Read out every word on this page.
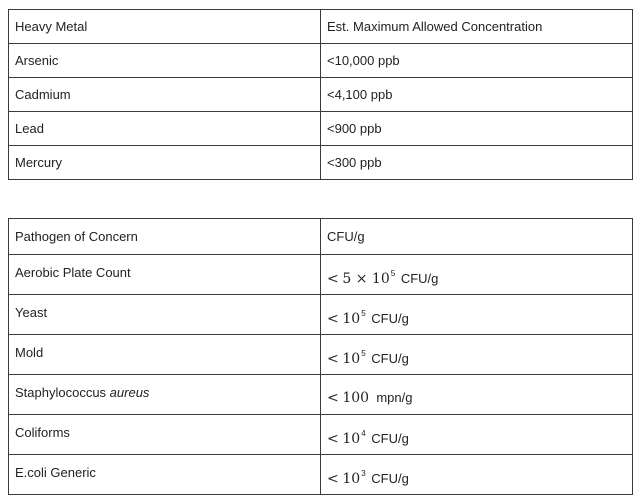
Heavy Metal	Est. Maximum Allowed Concentration
Arsenic	<10,000 ppb
Cadmium	<4,100 ppb
Lead	<900 ppb
Mercury	<300 ppb
Pathogen of Concern	CFU/g
Aerobic Plate Count	< $5 \times 10^5$ CFU/g
Yeast	< $10^5$ CFU/g
Mold	< $10^5$ CFU/g
Staphylococcus aureus	< 100 mpn/g
Coliforms	< $10^4$ CFU/g
E.coli Generic	< $10^3$ CFU/g
